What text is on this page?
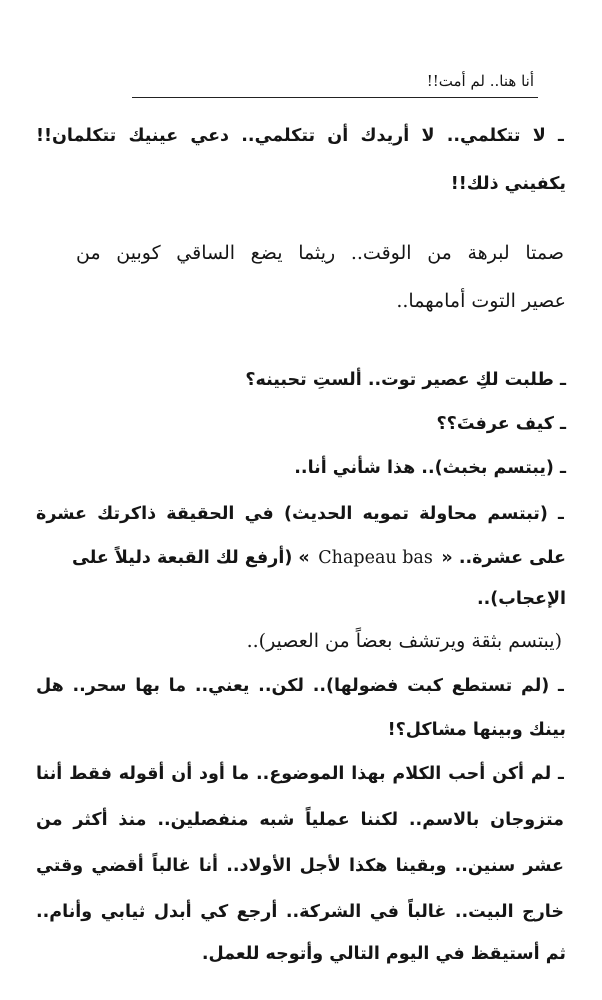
أنا هنا.. لم أمت!!
ـ لا تتكلمي.. لا أريدك أن تتكلمي.. دعي عينيك تتكلمان!!
يكفيني ذلك!!
صمتا لبرهة من الوقت.. ريثما يضع الساقي كوبين من
عصير التوت أمامهما..
ـ طلبت لكِ عصير توت.. ألستِ تحبينه؟
ـ كيف عرفتَ؟؟
ـ (يبتسم بخبث).. هذا شأني أنا..
ـ (تبتسم محاولة تمويه الحديث) في الحقيقة ذاكرتك عشرة
على عشرة.. «
Chapeau bas
» (أرفع لك القبعة دليلاً على
الإعجاب)..
(يبتسم بثقة ويرتشف بعضاً من العصير)..
ـ (لم تستطع كبت فضولها).. لكن.. يعني.. ما بها سحر.. هل
بينك وبينها مشاكل؟!
ـ لم أكن أحب الكلام بهذا الموضوع.. ما أود أن أقوله فقط أننا
متزوجان بالاسم.. لكننا عملياً شبه منفصلين.. منذ أكثر من
عشر سنين.. وبقينا هكذا لأجل الأولاد.. أنا غالباً أقضي وقتي
خارج البيت.. غالباً في الشركة.. أرجع كي أبدل ثيابي وأنام..
ثم أستيقظ في اليوم التالي وأتوجه للعمل.
